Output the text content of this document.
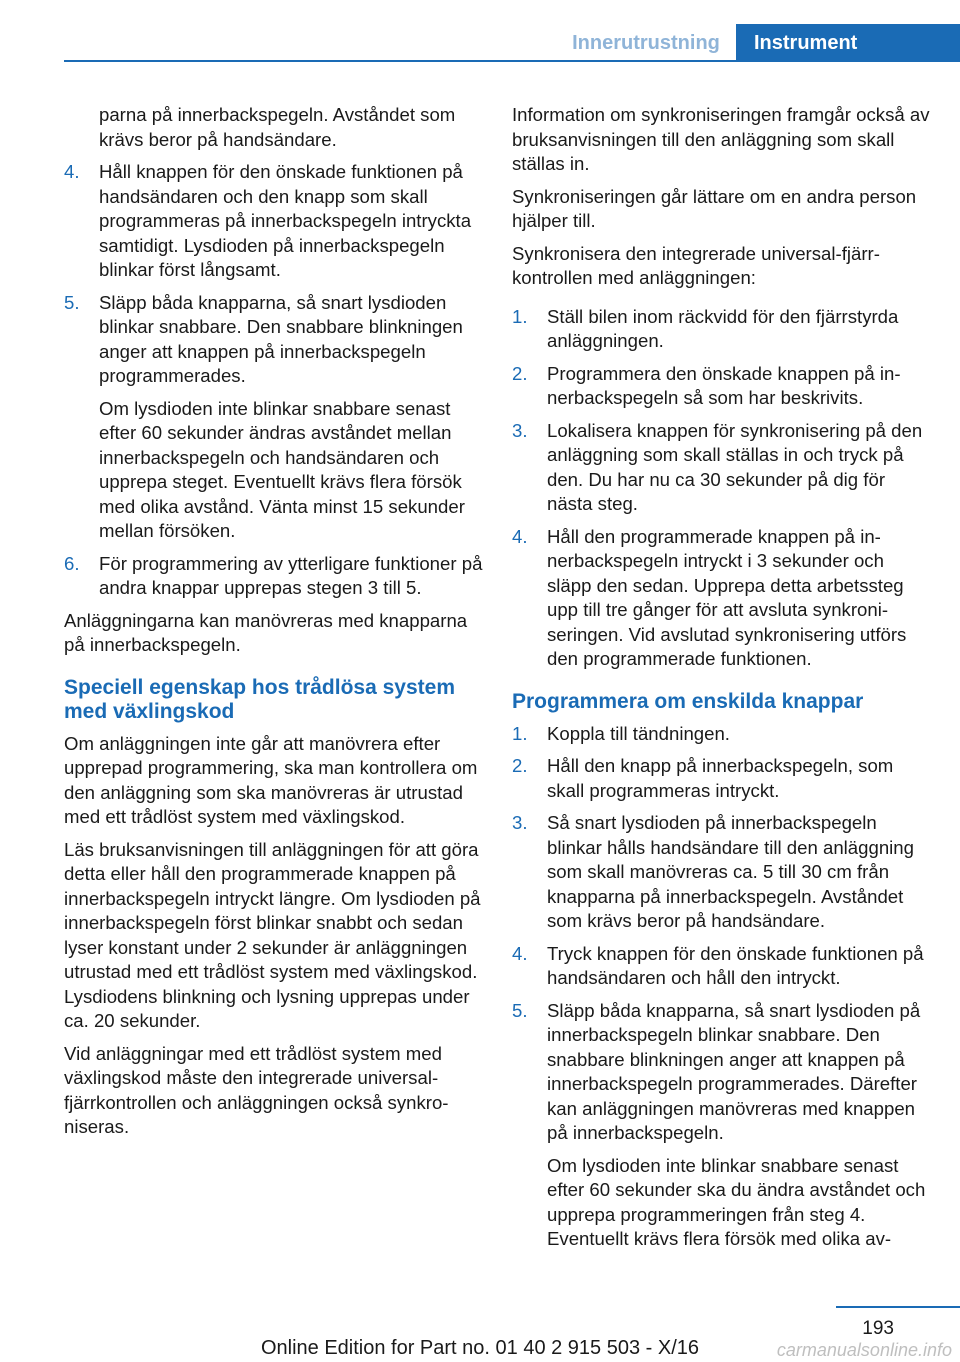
Innerutrustning	Instrument
parna på innerbackspegeln. Avståndet som krävs beror på handsändare.
4. Håll knappen för den önskade funktionen på handsändaren och den knapp som skall programmeras på innerbackspegeln intryckta samtidigt. Lysdioden på innerbackspegeln blinkar först långsamt.
5. Släpp båda knapparna, så snart lysdioden blinkar snabbare. Den snabbare blinkningen anger att knappen på innerbackspegeln programmerades.
Om lysdioden inte blinkar snabbare senast efter 60 sekunder ändras avståndet mellan innerbackspegeln och handsändaren och upprepa steget. Eventuellt krävs flera försök med olika avstånd. Vänta minst 15 sekunder mellan försöken.
6. För programmering av ytterligare funktioner på andra knappar upprepas stegen 3 till 5.
Anläggningarna kan manövreras med knapparna på innerbackspegeln.
Speciell egenskap hos trådlösa system med växlingskod
Om anläggningen inte går att manövrera efter upprepad programmering, ska man kontrollera om den anläggning som ska manövreras är utrustad med ett trådlöst system med växlingskod.
Läs bruksanvisningen till anläggningen för att göra detta eller håll den programmerade knappen på innerbackspegeln intryckt längre. Om lysdioden på innerbackspegeln först blinkar snabbt och sedan lyser konstant under 2 sekunder är anläggningen utrustad med ett trådlöst system med växlingskod. Lysdiodens blinkning och lysning upprepas under ca. 20 sekunder.
Vid anläggningar med ett trådlöst system med växlingskod måste den integrerade universalfjärrkontrollen och anläggningen också synkroniseras.
Information om synkroniseringen framgår också av bruksanvisningen till den anläggning som skall ställas in.
Synkroniseringen går lättare om en andra person hjälper till.
Synkronisera den integrerade universal-fjärrkontrollen med anläggningen:
1. Ställ bilen inom räckvidd för den fjärrstyrda anläggningen.
2. Programmera den önskade knappen på innerbackspegeln så som har beskrivits.
3. Lokalisera knappen för synkronisering på den anläggning som skall ställas in och tryck på den. Du har nu ca 30 sekunder på dig för nästa steg.
4. Håll den programmerade knappen på innerbackspegeln intryckt i 3 sekunder och släpp den sedan. Upprepa detta arbetssteg upp till tre gånger för att avsluta synkroniseringen. Vid avslutad synkronisering utförs den programmerade funktionen.
Programmera om enskilda knappar
1. Koppla till tändningen.
2. Håll den knapp på innerbackspegeln, som skall programmeras intryckt.
3. Så snart lysdioden på innerbackspegeln blinkar hålls handsändare till den anläggning som skall manövreras ca. 5 till 30 cm från knapparna på innerbackspegeln. Avståndet som krävs beror på handsändare.
4. Tryck knappen för den önskade funktionen på handsändaren och håll den intryckt.
5. Släpp båda knapparna, så snart lysdioden på innerbackspegeln blinkar snabbare. Den snabbare blinkningen anger att knappen på innerbackspegeln programmerades. Därefter kan anläggningen manövreras med knappen på innerbackspegeln.
Om lysdioden inte blinkar snabbare senast efter 60 sekunder ska du ändra avståndet och upprepa programmeringen från steg 4. Eventuellt krävs flera försök med olika av-
193
Online Edition for Part no. 01 40 2 915 503 - X/16	carmanualsonline.info
